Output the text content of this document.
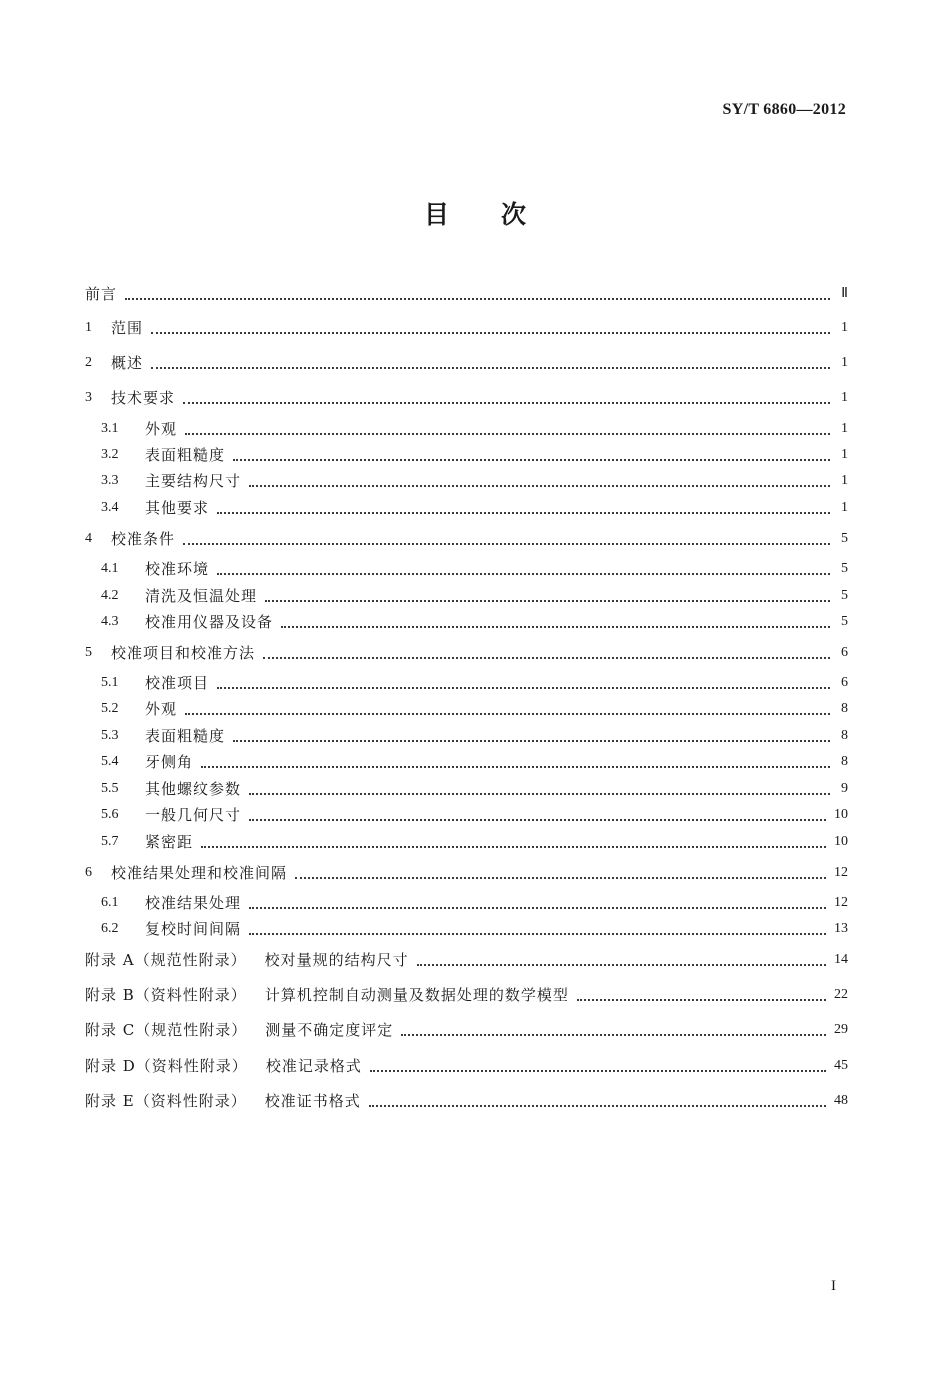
SY/T 6860—2012
目次
前言	Ⅱ
1	范围	1
2	概述	1
3	技术要求	1
3.1	外观	1
3.2	表面粗糙度	1
3.3	主要结构尺寸	1
3.4	其他要求	1
4	校准条件	5
4.1	校准环境	5
4.2	清洗及恒温处理	5
4.3	校准用仪器及设备	5
5	校准项目和校准方法	6
5.1	校准项目	6
5.2	外观	8
5.3	表面粗糙度	8
5.4	牙侧角	8
5.5	其他螺纹参数	9
5.6	一般几何尺寸	10
5.7	紧密距	10
6	校准结果处理和校准间隔	12
6.1	校准结果处理	12
6.2	复校时间间隔	13
附录 A （规范性附录） 校对量规的结构尺寸	14
附录 B （资料性附录） 计算机控制自动测量及数据处理的数学模型	22
附录 C （规范性附录） 测量不确定度评定	29
附录 D （资料性附录） 校准记录格式	45
附录 E （资料性附录） 校准证书格式	48
I
